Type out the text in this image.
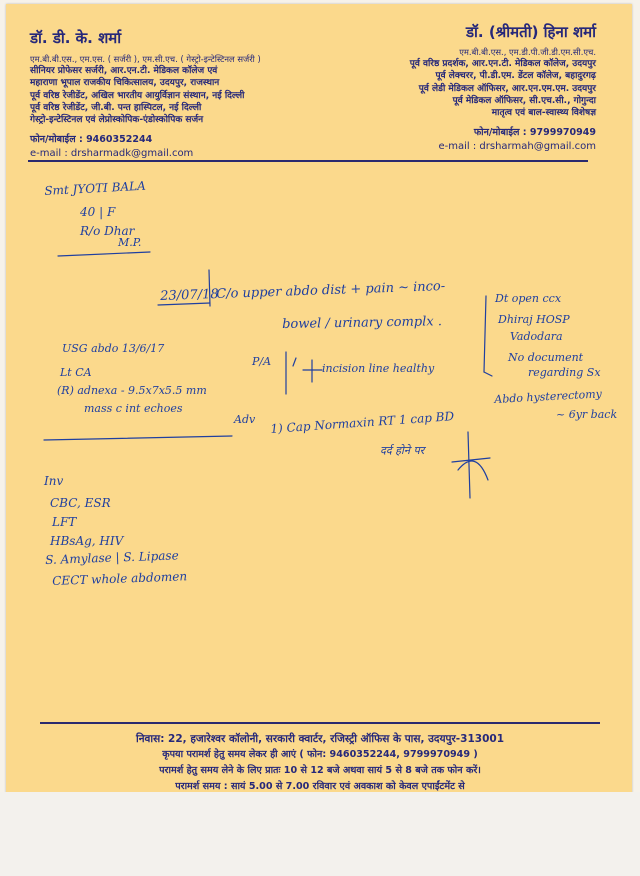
डॉ. डी. के. शर्मा
एम.बी.बी.एस., एम.एस. ( सर्जरी ), एम.सी.एच. ( गेस्ट्रो-इन्टेस्टिनल सर्जरी )
सीनियर प्रोफेसर सर्जरी, आर.एन.टी. मेडिकल कॉलेज एवं
महाराणा भूपाल राजकीय चिकित्सालय, उदयपुर, राजस्थान
पूर्व वरिष्ठ रेजीडेंट, अखिल भारतीय आयुर्विज्ञान संस्थान, नई दिल्ली
पूर्व वरिष्ठ रेजीडेंट, जी.बी. पन्त हास्पिटल, नई दिल्ली
गेस्ट्रो-इन्टेस्टिनल एवं लेप्रोस्कोपिक-एंडोस्कोपिक सर्जन
फोन/मोबाईल : 9460352244
e-mail : drsharmadk@gmail.com
डॉ. (श्रीमती) हिना शर्मा
एम.बी.बी.एस., एम.डी.पी.जी.डी.एम.सी.एच.
पूर्व वरिष्ठ प्रदर्शक, आर.एन.टी. मेडिकल कॉलेज, उदयपुर
पूर्व लेक्चरर, पी.डी.एम. डेंटल कॉलेज, बहादुरगढ़
पूर्व लेडी मेडिकल ऑफिसर, आर.एन.एम.एम. उदयपुर
पूर्व मेडिकल ऑफिसर, सी.एच.सी., गोगुन्दा
मातृत्व एवं बाल-स्वास्थ्य विशेषज्ञ
फोन/मोबाईल : 9799970949
e-mail : drsharmah@gmail.com
Smt JYOTI BALA
40 | F
R/o Dhar
M.P.
23/07/18
C/o upper abdo dist + pain ~ inco-
bowel / urinary complx .
Dt open ccx
Dhiraj HOSP
Vadodara
No document
regarding Sx
Abdo hysterectomy
~ 6yr back
P/A
incision line healthy
USG abdo 13/6/17
Lt CA
(R) adnexa - 9.5x7x5.5 mm
mass c int echoes
Adv 1) Cap Normaxin RT 1 cap BD
दर्द होने पर
Inv
CBC, ESR
LFT
HBsAg, HIV
S. Amylase | S. Lipase
CECT whole abdomen
निवास: 22, हजारेश्वर कॉलोनी, सरकारी क्वार्टर, रजिस्ट्री ऑफिस के पास, उदयपुर-313001
कृपया परामर्श हेतु समय लेकर ही आएं ( फोन: 9460352244, 9799970949 )
परामर्श हेतु समय लेने के लिए प्रातः 10 से 12 बजे अथवा सायं 5 से 8 बजे तक फोन करें।
परामर्श समय : सायं 5.00 से 7.00 रविवार एवं अवकाश को केवल एपाईंटमेंट से
